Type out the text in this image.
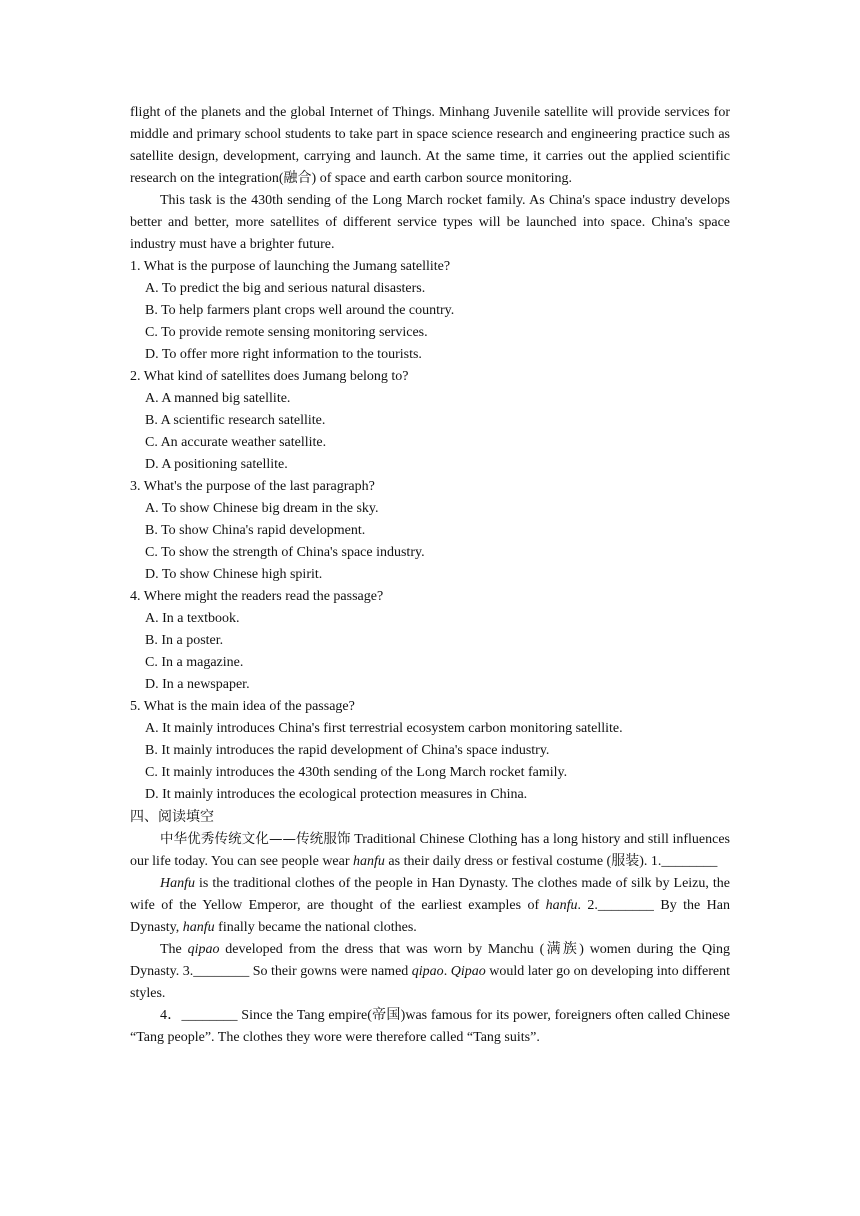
flight of the planets and the global Internet of Things. Minhang Juvenile satellite will provide services for middle and primary school students to take part in space science research and engineering practice such as satellite design, development, carrying and launch. At the same time, it carries out the applied scientific research on the integration(融合) of space and earth carbon source monitoring.

This task is the 430th sending of the Long March rocket family. As China's space industry develops better and better, more satellites of different service types will be launched into space. China's space industry must have a brighter future.

1. What is the purpose of launching the Jumang satellite?

A. To predict the big and serious natural disasters.

B. To help farmers plant crops well around the country.

C. To provide remote sensing monitoring services.

D. To offer more right information to the tourists.

2. What kind of satellites does Jumang belong to?

A. A manned big satellite.

B. A scientific research satellite.

C. An accurate weather satellite.

D. A positioning satellite.

3. What's the purpose of the last paragraph?

A. To show Chinese big dream in the sky.

B. To show China's rapid development.

C. To show the strength of China's space industry.

D. To show Chinese high spirit.

4. Where might the readers read the passage?

A. In a textbook.

B. In a poster.

C. In a magazine.

D. In a newspaper.

5. What is the main idea of the passage?

A. It mainly introduces China's first terrestrial ecosystem carbon monitoring satellite.

B. It mainly introduces the rapid development of China's space industry.

C. It mainly introduces the 430th sending of the Long March rocket family.

D. It mainly introduces the ecological protection measures in China.

四、阅读填空

中华优秀传统文化——传统服饰 Traditional Chinese Clothing has a long history and still influences our life today. You can see people wear hanfu as their daily dress or festival costume (服装). 1.________

Hanfu is the traditional clothes of the people in Han Dynasty. The clothes made of silk by Leizu, the wife of the Yellow Emperor, are thought of the earliest examples of hanfu. 2.________ By the Han Dynasty, hanfu finally became the national clothes.

The qipao developed from the dress that was worn by Manchu (满族) women during the Qing Dynasty. 3.________ So their gowns were named qipao. Qipao would later go on developing into different styles.

4．________ Since the Tang empire(帝国)was famous for its power, foreigners often called Chinese “Tang people”. The clothes they wore were therefore called “Tang suits”.
